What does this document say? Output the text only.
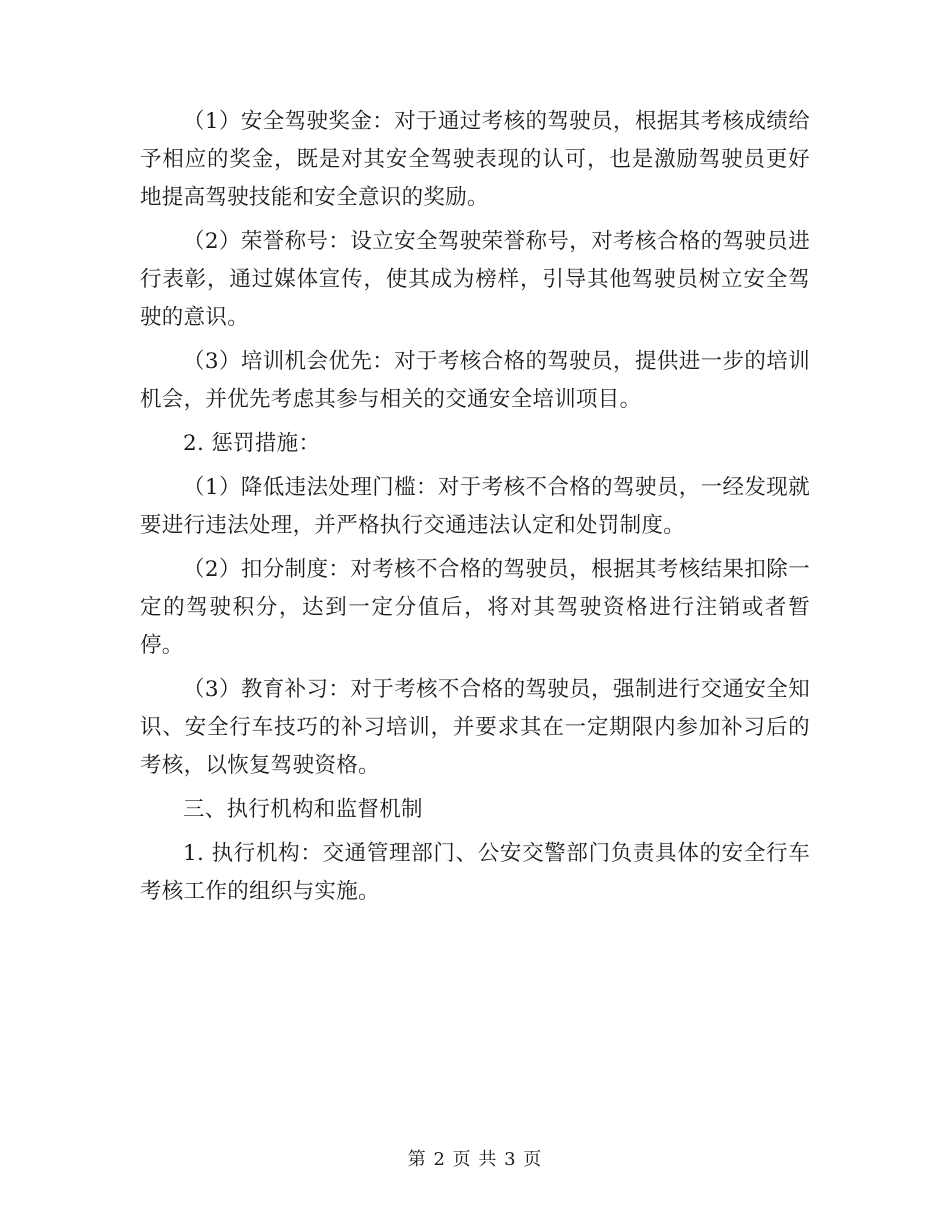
（1）安全驾驶奖金：对于通过考核的驾驶员，根据其考核成绩给予相应的奖金，既是对其安全驾驶表现的认可，也是激励驾驶员更好地提高驾驶技能和安全意识的奖励。

（2）荣誉称号：设立安全驾驶荣誉称号，对考核合格的驾驶员进行表彰，通过媒体宣传，使其成为榜样，引导其他驾驶员树立安全驾驶的意识。

（3）培训机会优先：对于考核合格的驾驶员，提供进一步的培训机会，并优先考虑其参与相关的交通安全培训项目。

2. 惩罚措施：

（1）降低违法处理门槛：对于考核不合格的驾驶员，一经发现就要进行违法处理，并严格执行交通违法认定和处罚制度。

（2）扣分制度：对考核不合格的驾驶员，根据其考核结果扣除一定的驾驶积分，达到一定分值后，将对其驾驶资格进行注销或者暂停。

（3）教育补习：对于考核不合格的驾驶员，强制进行交通安全知识、安全行车技巧的补习培训，并要求其在一定期限内参加补习后的考核，以恢复驾驶资格。

三、执行机构和监督机制

1. 执行机构：交通管理部门、公安交警部门负责具体的安全行车考核工作的组织与实施。

第 2 页 共 3 页
